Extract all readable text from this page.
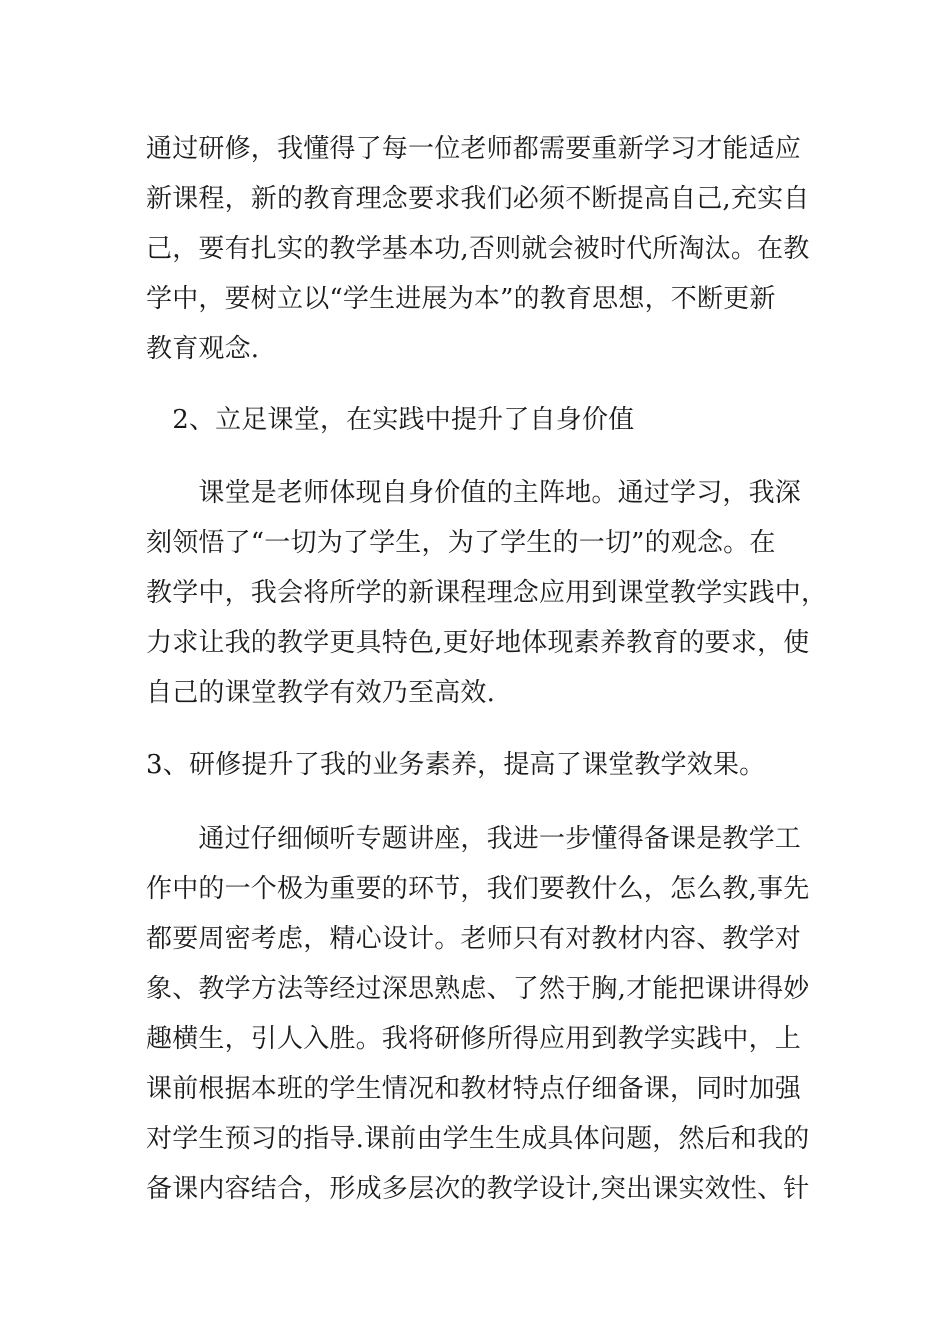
通过研修，我懂得了每一位老师都需要重新学习才能适应
新课程，新的教育理念要求我们必须不断提高自己,充实自
己，要有扎实的教学基本功,否则就会被时代所淘汰。在教
学中，要树立以“学生进展为本”的教育思想，不断更新
教育观念.
　2、立足课堂，在实践中提升了自身价值
　　课堂是老师体现自身价值的主阵地。通过学习，我深
刻领悟了“一切为了学生，为了学生的一切”的观念。在
教学中，我会将所学的新课程理念应用到课堂教学实践中，
力求让我的教学更具特色,更好地体现素养教育的要求，使
自己的课堂教学有效乃至高效.
3、研修提升了我的业务素养，提高了课堂教学效果。
　　通过仔细倾听专题讲座，我进一步懂得备课是教学工
作中的一个极为重要的环节，我们要教什么，怎么教,事先
都要周密考虑，精心设计。老师只有对教材内容、教学对
象、教学方法等经过深思熟虑、了然于胸,才能把课讲得妙
趣横生，引人入胜。我将研修所得应用到教学实践中，上
课前根据本班的学生情况和教材特点仔细备课，同时加强
对学生预习的指导.课前由学生生成具体问题，然后和我的
备课内容结合，形成多层次的教学设计,突出课实效性、针
